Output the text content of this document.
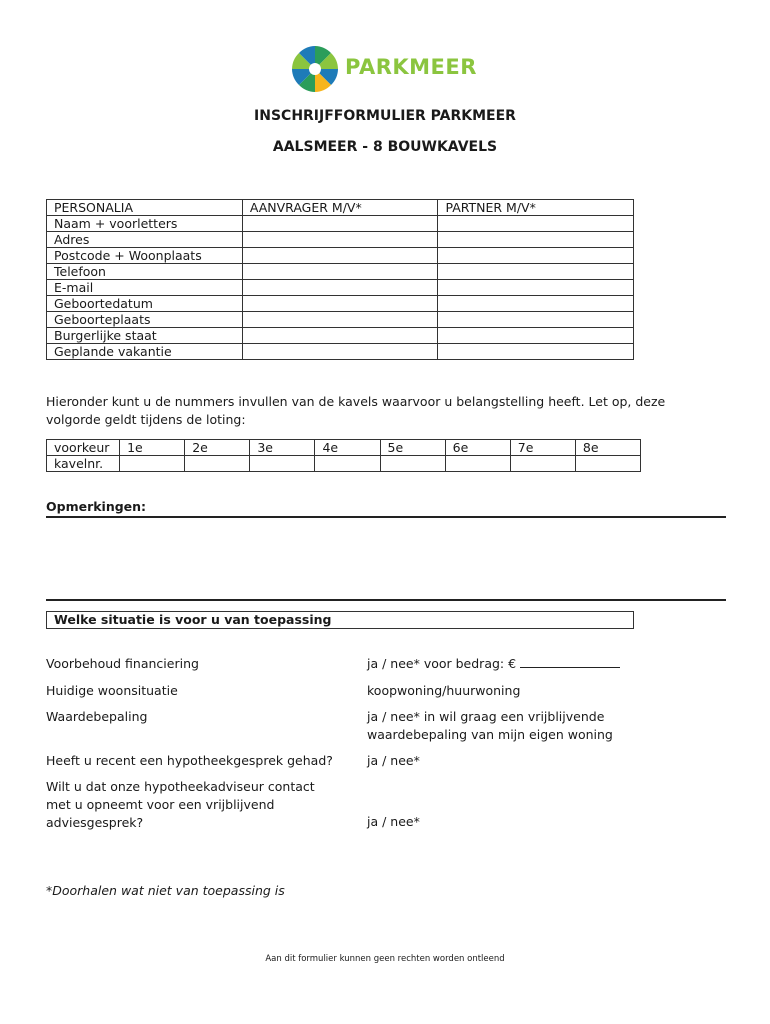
PARKMEER
INSCHRIJFFORMULIER PARKMEER
AALSMEER - 8 BOUWKAVELS
PERSONALIA	AANVRAGER M/V*	PARTNER M/V*
Naam + voorletters		
Adres		
Postcode + Woonplaats		
Telefoon		
E-mail		
Geboortedatum		
Geboorteplaats		
Burgerlijke staat		
Geplande vakantie		
Hieronder kunt u de nummers invullen van de kavels waarvoor u belangstelling heeft. Let op, deze volgorde geldt tijdens de loting:
voorkeur	1e	2e	3e	4e	5e	6e	7e	8e
kavelnr.								
Opmerkingen:
Welke situatie is voor u van toepassing
Voorbehoud financiering	ja / nee* voor bedrag: €
Huidige woonsituatie	koopwoning/huurwoning
Waardebepaling	ja / nee* in wil graag een vrijblijvende waardebepaling van mijn eigen woning
Heeft u recent een hypotheekgesprek gehad?	ja / nee*
Wilt u dat onze hypotheekadviseur contact met u opneemt voor een vrijblijvend adviesgesprek?	ja / nee*
*Doorhalen wat niet van toepassing is
Aan dit formulier kunnen geen rechten worden ontleend
